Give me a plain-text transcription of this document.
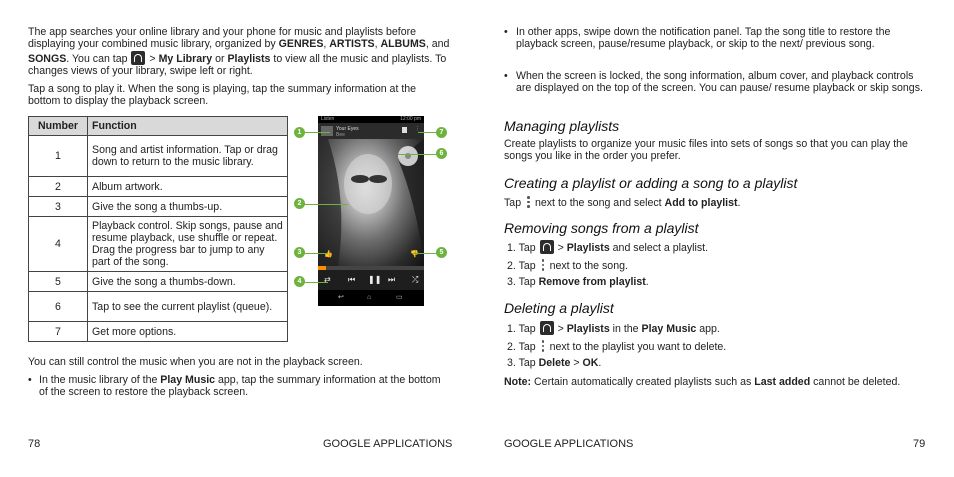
The app searches your online library and your phone for music and playlists before displaying your combined music library, organized by GENRES, ARTISTS, ALBUMS, and SONGS. You can tap  > My Library or Playlists to view all the music and playlists. To changes views of your library, swipe left or right.

Tap a song to play it. When the song is playing, tap the summary information at the bottom to display the playback screen.

Number	Function
1	Song and artist information. Tap or drag down to return to the music library.
2	Album artwork.
3	Give the song a thumbs-up.
4	Playback control. Skip songs, pause and resume playback, use shuffle or repeat. Drag the progress bar to jump to any part of the song.
5	Give the song a thumbs-down.
6	Tap to see the current playlist (queue).
7	Get more options.
Listen	12:00 pm
Your Eyes
Bee
⋮
👍	👎
⇄ ⏮ ❚❚ ⏭ ⤮
↩	⌂	▭
1
2
3
4
5
6
7

You can still control the music when you are not in the playback screen.

• In the music library of the Play Music app, tap the summary information at the bottom of the screen to restore the playback screen.

78	GOOGLE APPLICATIONS
• In other apps, swipe down the notification panel. Tap the song title to restore the playback screen, pause/resume playback, or skip to the next/ previous song.

• When the screen is locked, the song information, album cover, and playback controls are displayed on the top of the screen. You can pause/ resume playback or skip songs.

Managing playlists

Create playlists to organize your music files into sets of songs so that you can play the songs you like in the order you prefer.

Creating a playlist or adding a song to a playlist

Tap
next to the song and select Add to playlist.

Removing songs from a playlist

1. Tap  > Playlists and select a playlist.

2. Tap
next to the song.

3. Tap Remove from playlist.

Deleting a playlist

1. Tap  > Playlists in the Play Music app.

2. Tap
next to the playlist you want to delete.

3. Tap Delete > OK.

Note: Certain automatically created playlists such as Last added cannot be deleted.

GOOGLE APPLICATIONS	79
